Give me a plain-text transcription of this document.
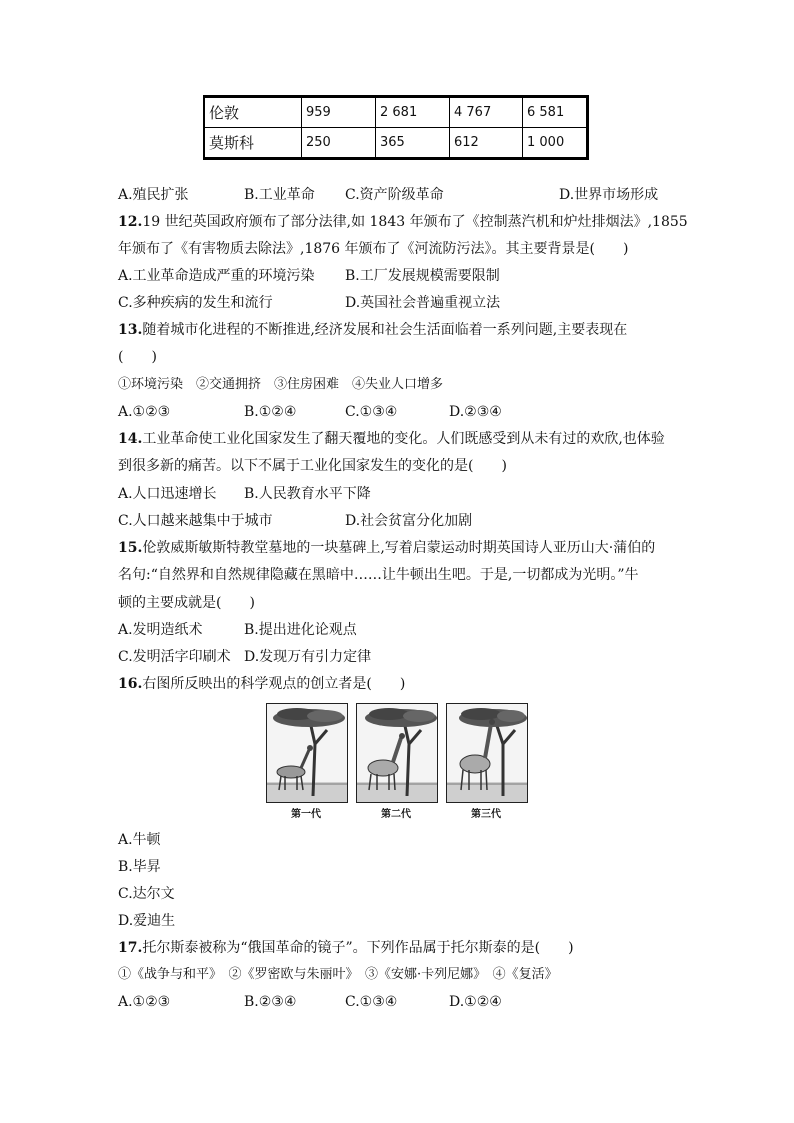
伦敦	959	2 681	4 767	6 581
莫斯科	250	365	612	1 000
A.殖民扩张	B.工业革命 C.资产阶级革命	D.世界市场形成
12.19 世纪英国政府颁布了部分法律,如 1843 年颁布了《控制蒸汽机和炉灶排烟法》,1855
年颁布了《有害物质去除法》,1876 年颁布了《河流防污法》。其主要背景是(　　)
A.工业革命造成严重的环境污染 B.工厂发展规模需要限制
C.多种疾病的发生和流行	D.英国社会普遍重视立法
13.随着城市化进程的不断推进,经济发展和社会生活面临着一系列问题,主要表现在
(　　)
①环境污染　②交通拥挤　③住房困难　④失业人口增多
A.①②③	B.①②④	C.①③④	D.②③④
14.工业革命使工业化国家发生了翻天覆地的变化。人们既感受到从未有过的欢欣,也体验
到很多新的痛苦。以下不属于工业化国家发生的变化的是(　　)
A.人口迅速增长 B.人民教育水平下降
C.人口越来越集中于城市	D.社会贫富分化加剧
15.伦敦威斯敏斯特教堂墓地的一块墓碑上,写着启蒙运动时期英国诗人亚历山大·蒲伯的
名句:“自然界和自然规律隐藏在黑暗中……让牛顿出生吧。于是,一切都成为光明。”牛
顿的主要成就是(　　)
A.发明造纸术	B.提出进化论观点
C.发明活字印刷术 D.发现万有引力定律
16.右图所反映出的科学观点的创立者是(　　)
第一代	第二代	第三代
A.牛顿
B.毕昇
C.达尔文
D.爱迪生
17.托尔斯泰被称为“俄国革命的镜子”。下列作品属于托尔斯泰的是(　　)
①《战争与和平》　②《罗密欧与朱丽叶》　③《安娜·卡列尼娜》　④《复活》
A.①②③	B.②③④	C.①③④	D.①②④
